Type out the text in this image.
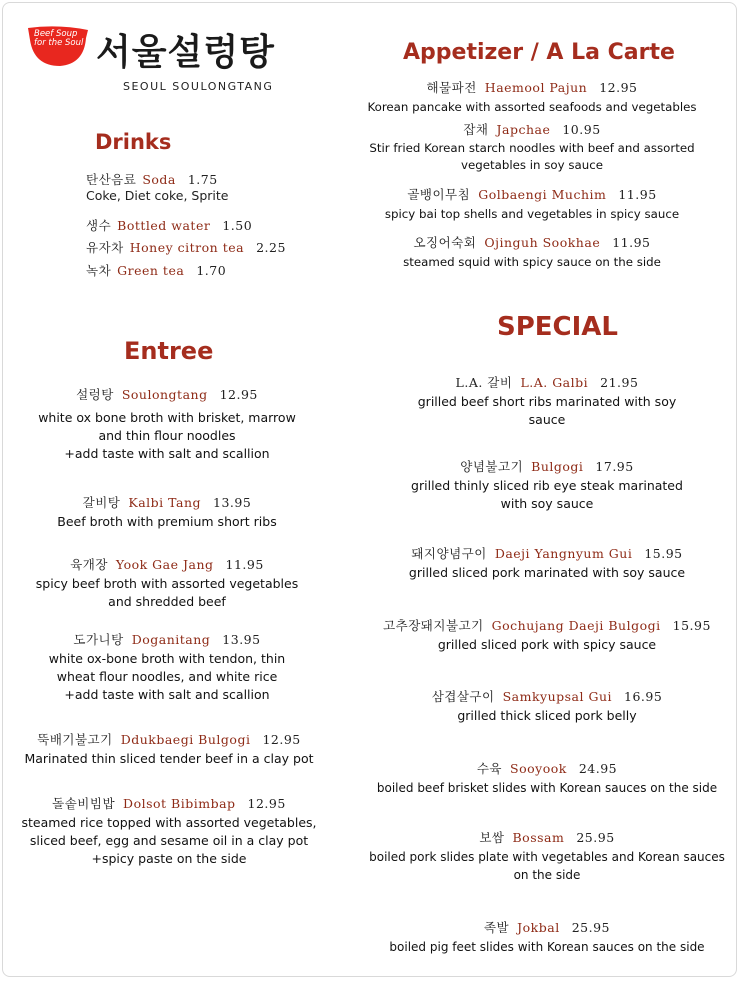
Beef Soup for the Soul 서울설렁탕
SEOUL SOULONGTANG
Drinks
탄산음료 Soda 1.75
Coke, Diet coke, Sprite
생수 Bottled water 1.50
유자차 Honey citron tea 2.25
녹차 Green tea 1.70
Entree
설렁탕 Soulongtang 12.95
white ox bone broth with brisket, marrow
and thin flour noodles
+add taste with salt and scallion
갈비탕 Kalbi Tang 13.95
Beef broth with premium short ribs
육개장 Yook Gae Jang 11.95
spicy beef broth with assorted vegetables
and shredded beef
도가니탕 Doganitang 13.95
white ox-bone broth with tendon, thin
wheat flour noodles, and white rice
+add taste with salt and scallion
뚝배기불고기 Ddukbaegi Bulgogi 12.95
Marinated thin sliced tender beef in a clay pot
돌솥비빔밥 Dolsot Bibimbap 12.95
steamed rice topped with assorted vegetables,
sliced beef, egg and sesame oil in a clay pot
+spicy paste on the side
Appetizer / A La Carte
해물파전 Haemool Pajun 12.95
Korean pancake with assorted seafoods and vegetables
잡채 Japchae 10.95
Stir fried Korean starch noodles with beef and assorted
vegetables in soy sauce
골뱅이무침 Golbaengi Muchim 11.95
spicy bai top shells and vegetables in spicy sauce
오징어숙회 Ojinguh Sookhae 11.95
steamed squid with spicy sauce on the side
SPECIAL
L.A. 갈비 L.A. Galbi 21.95
grilled beef short ribs marinated with soy
sauce
양념불고기 Bulgogi 17.95
grilled thinly sliced rib eye steak marinated
with soy sauce
돼지양념구이 Daeji Yangnyum Gui 15.95
grilled sliced pork marinated with soy sauce
고추장돼지불고기 Gochujang Daeji Bulgogi 15.95
grilled sliced pork with spicy sauce
삼겹살구이 Samkyupsal Gui 16.95
grilled thick sliced pork belly
수육 Sooyook 24.95
boiled beef brisket slides with Korean sauces on the side
보쌈 Bossam 25.95
boiled pork slides plate with vegetables and Korean sauces
on the side
족발 Jokbal 25.95
boiled pig feet slides with Korean sauces on the side
